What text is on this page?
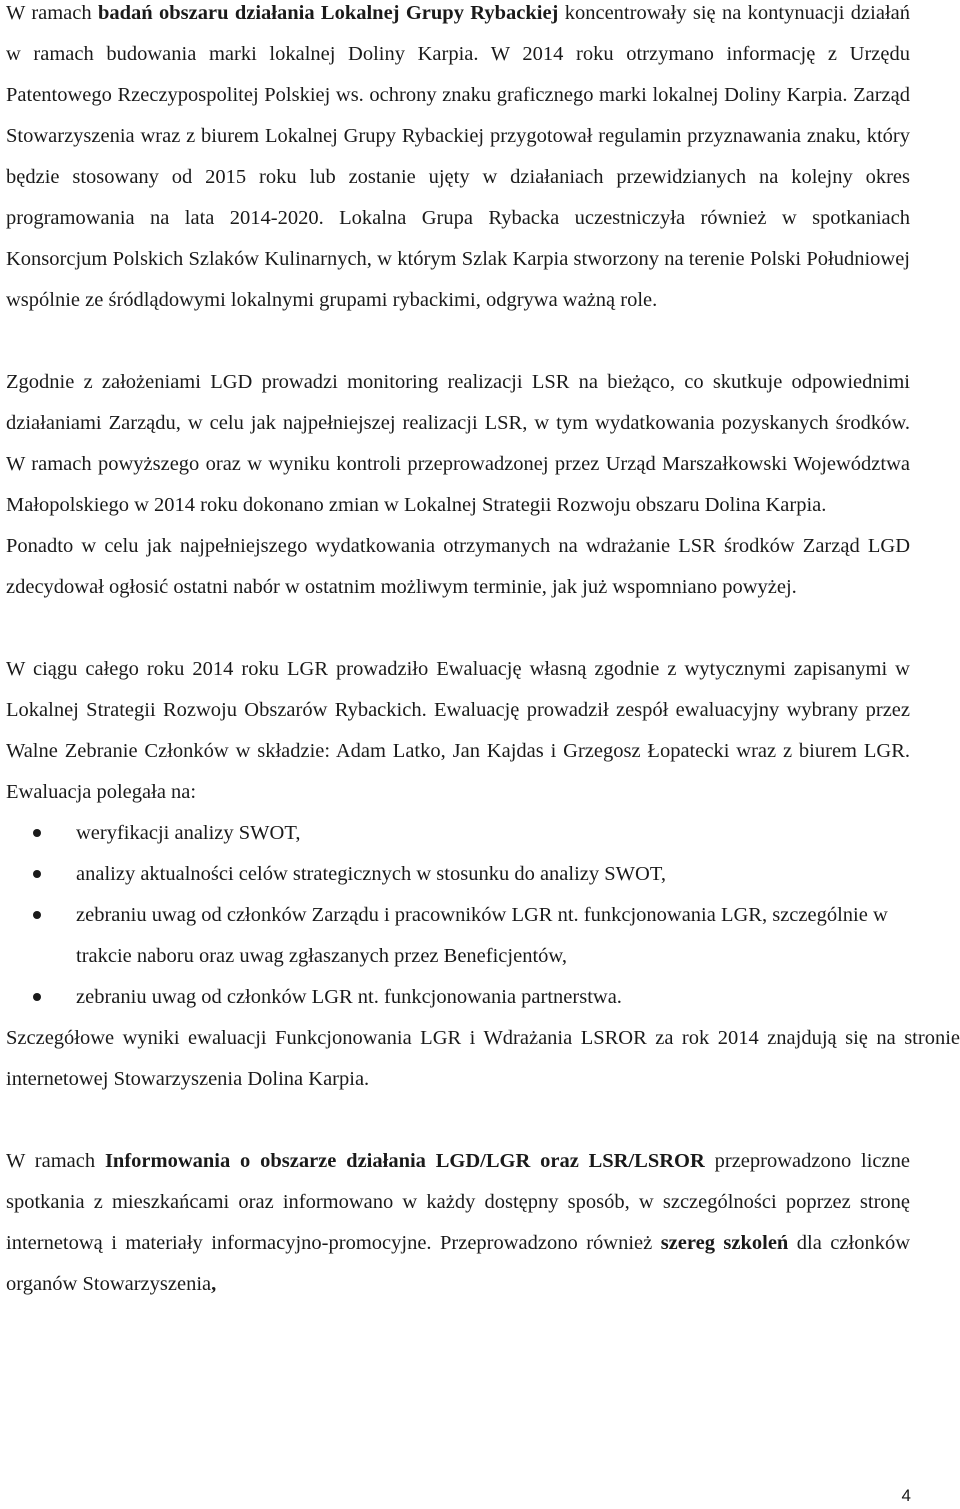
W ramach badań obszaru działania Lokalnej Grupy Rybackiej koncentrowały się na kontynuacji działań w ramach budowania marki lokalnej Doliny Karpia. W 2014 roku otrzymano informację z Urzędu Patentowego Rzeczypospolitej Polskiej ws. ochrony znaku graficznego marki lokalnej Doliny Karpia. Zarząd Stowarzyszenia wraz z biurem Lokalnej Grupy Rybackiej przygotował regulamin przyznawania znaku, który będzie stosowany od 2015 roku lub zostanie ujęty w działaniach przewidzianych na kolejny okres programowania na lata 2014-2020. Lokalna Grupa Rybacka uczestniczyła również w spotkaniach Konsorcjum Polskich Szlaków Kulinarnych, w którym Szlak Karpia stworzony na terenie Polski Południowej wspólnie ze śródlądowymi lokalnymi grupami rybackimi, odgrywa ważną role.

Zgodnie z założeniami LGD prowadzi monitoring realizacji LSR na bieżąco, co skutkuje odpowiednimi działaniami Zarządu, w celu jak najpełniejszej realizacji LSR, w tym wydatkowania pozyskanych środków. W ramach powyższego oraz w wyniku kontroli przeprowadzonej przez Urząd Marszałkowski Województwa Małopolskiego w 2014 roku dokonano zmian w Lokalnej Strategii Rozwoju obszaru Dolina Karpia.

Ponadto w celu jak najpełniejszego wydatkowania otrzymanych na wdrażanie LSR środków Zarząd LGD zdecydował ogłosić ostatni nabór w ostatnim możliwym terminie, jak już wspomniano powyżej.

W ciągu całego roku 2014 roku LGR prowadziło Ewaluację własną zgodnie z wytycznymi zapisanymi w Lokalnej Strategii Rozwoju Obszarów Rybackich. Ewaluację prowadził zespół ewaluacyjny wybrany przez Walne Zebranie Członków w składzie: Adam Latko, Jan Kajdas i Grzegosz Łopatecki wraz z biurem LGR. Ewaluacja polegała na:

weryfikacji analizy SWOT,
analizy aktualności celów strategicznych w stosunku do analizy SWOT,
zebraniu uwag od członków Zarządu i pracowników LGR nt. funkcjonowania LGR, szczególnie w trakcie naboru oraz uwag zgłaszanych przez Beneficjentów,
zebraniu uwag od członków LGR nt. funkcjonowania partnerstwa.

Szczegółowe wyniki ewaluacji Funkcjonowania LGR i Wdrażania LSROR za rok 2014 znajdują się na stronie internetowej Stowarzyszenia Dolina Karpia.

W ramach Informowania o obszarze działania LGD/LGR oraz LSR/LSROR przeprowadzono liczne spotkania z mieszkańcami oraz informowano w każdy dostępny sposób, w szczególności poprzez stronę internetową i materiały informacyjno-promocyjne. Przeprowadzono również szereg szkoleń dla członków organów Stowarzyszenia,

4
